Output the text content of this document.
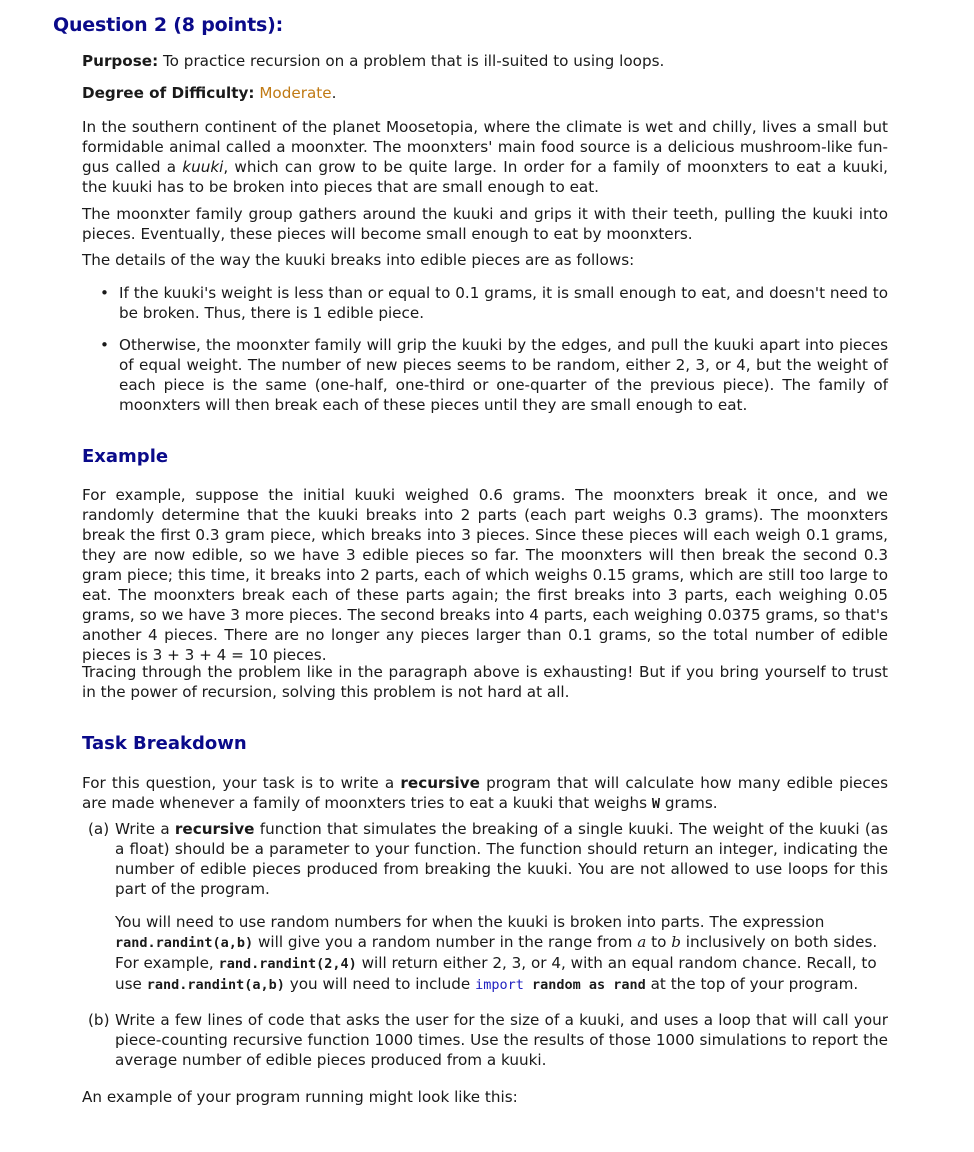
Question 2 (8 points):

Purpose: To practice recursion on a problem that is ill-suited to using loops.

Degree of Difficulty: Moderate.

In the southern continent of the planet Moosetopia, where the climate is wet and chilly, lives a small but formidable animal called a moonxter. The moonxters' main food source is a delicious mushroom-like fun-gus called a kuuki, which can grow to be quite large. In order for a family of moonxters to eat a kuuki, the kuuki has to be broken into pieces that are small enough to eat.

The moonxter family group gathers around the kuuki and grips it with their teeth, pulling the kuuki into pieces. Eventually, these pieces will become small enough to eat by moonxters.

The details of the way the kuuki breaks into edible pieces are as follows:

• If the kuuki's weight is less than or equal to 0.1 grams, it is small enough to eat, and doesn't need to be broken. Thus, there is 1 edible piece.
• Otherwise, the moonxter family will grip the kuuki by the edges, and pull the kuuki apart into pieces of equal weight. The number of new pieces seems to be random, either 2, 3, or 4, but the weight of each piece is the same (one-half, one-third or one-quarter of the previous piece). The family of moonxters will then break each of these pieces until they are small enough to eat.
Example

For example, suppose the initial kuuki weighed 0.6 grams. The moonxters break it once, and we randomly determine that the kuuki breaks into 2 parts (each part weighs 0.3 grams). The moonxters break the first 0.3 gram piece, which breaks into 3 pieces. Since these pieces will each weigh 0.1 grams, they are now edible, so we have 3 edible pieces so far. The moonxters will then break the second 0.3 gram piece; this time, it breaks into 2 parts, each of which weighs 0.15 grams, which are still too large to eat. The moonxters break each of these parts again; the first breaks into 3 parts, each weighing 0.05 grams, so we have 3 more pieces. The second breaks into 4 parts, each weighing 0.0375 grams, so that's another 4 pieces. There are no longer any pieces larger than 0.1 grams, so the total number of edible pieces is 3 + 3 + 4 = 10 pieces.

Tracing through the problem like in the paragraph above is exhausting! But if you bring yourself to trust in the power of recursion, solving this problem is not hard at all.

Task Breakdown

For this question, your task is to write a recursive program that will calculate how many edible pieces are made whenever a family of moonxters tries to eat a kuuki that weighs W grams.

(a) Write a recursive function that simulates the breaking of a single kuuki. The weight of the kuuki (as a float) should be a parameter to your function. The function should return an integer, indicating the number of edible pieces produced from breaking the kuuki. You are not allowed to use loops for this part of the program.

You will need to use random numbers for when the kuuki is broken into parts. The expression rand.randint(a,b) will give you a random number in the range from a to b inclusively on both sides. For example, rand.randint(2,4) will return either 2, 3, or 4, with an equal random chance. Recall, to use rand.randint(a,b) you will need to include import random as rand at the top of your program.

(b) Write a few lines of code that asks the user for the size of a kuuki, and uses a loop that will call your piece-counting recursive function 1000 times. Use the results of those 1000 simulations to report the average number of edible pieces produced from a kuuki.

An example of your program running might look like this:
